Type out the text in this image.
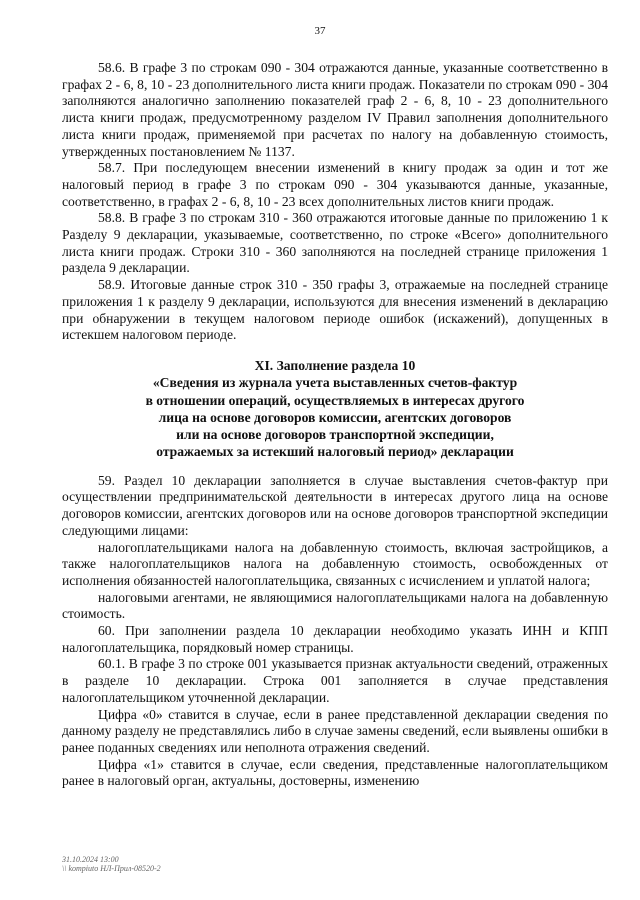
37

58.6. В графе 3 по строкам 090 - 304 отражаются данные, указанные соответственно в графах 2 - 6, 8, 10 - 23 дополнительного листа книги продаж. Показатели по строкам 090 - 304 заполняются аналогично заполнению показателей граф 2 - 6, 8, 10 - 23 дополнительного листа книги продаж, предусмотренному разделом IV Правил заполнения дополнительного листа книги продаж, применяемой при расчетах по налогу на добавленную стоимость, утвержденных постановлением № 1137.

58.7. При последующем внесении изменений в книгу продаж за один и тот же налоговый период в графе 3 по строкам 090 - 304 указываются данные, указанные, соответственно, в графах 2 - 6, 8, 10 - 23 всех дополнительных листов книги продаж.

58.8. В графе 3 по строкам 310 - 360 отражаются итоговые данные по приложению 1 к Разделу 9 декларации, указываемые, соответственно, по строке «Всего» дополнительного листа книги продаж. Строки 310 - 360 заполняются на последней странице приложения 1 раздела 9 декларации.

58.9. Итоговые данные строк 310 - 350 графы 3, отражаемые на последней странице приложения 1 к разделу 9 декларации, используются для внесения изменений в декларацию при обнаружении в текущем налоговом периоде ошибок (искажений), допущенных в истекшем налоговом периоде.

XI. Заполнение раздела 10
«Сведения из журнала учета выставленных счетов-фактур
в отношении операций, осуществляемых в интересах другого
лица на основе договоров комиссии, агентских договоров
или на основе договоров транспортной экспедиции,
отражаемых за истекший налоговый период» декларации

59. Раздел 10 декларации заполняется в случае выставления счетов-фактур при осуществлении предпринимательской деятельности в интересах другого лица на основе договоров комиссии, агентских договоров или на основе договоров транспортной экспедиции следующими лицами:

налогоплательщиками налога на добавленную стоимость, включая застройщиков, а также налогоплательщиков налога на добавленную стоимость, освобожденных от исполнения обязанностей налогоплательщика, связанных с исчислением и уплатой налога;

налоговыми агентами, не являющимися налогоплательщиками налога на добавленную стоимость.

60. При заполнении раздела 10 декларации необходимо указать ИНН и КПП налогоплательщика, порядковый номер страницы.

60.1. В графе 3 по строке 001 указывается признак актуальности сведений, отраженных в разделе 10 декларации. Строка 001 заполняется в случае представления налогоплательщиком уточненной декларации.

Цифра «0» ставится в случае, если в ранее представленной декларации сведения по данному разделу не представлялись либо в случае замены сведений, если выявлены ошибки в ранее поданных сведениях или неполнота отражения сведений.

Цифра «1» ставится в случае, если сведения, представленные налогоплательщиком ранее в налоговый орган, актуальны, достоверны, изменению

31.10.2024 13:00
\\ kompiuto НЛ-Прил-08520-2
